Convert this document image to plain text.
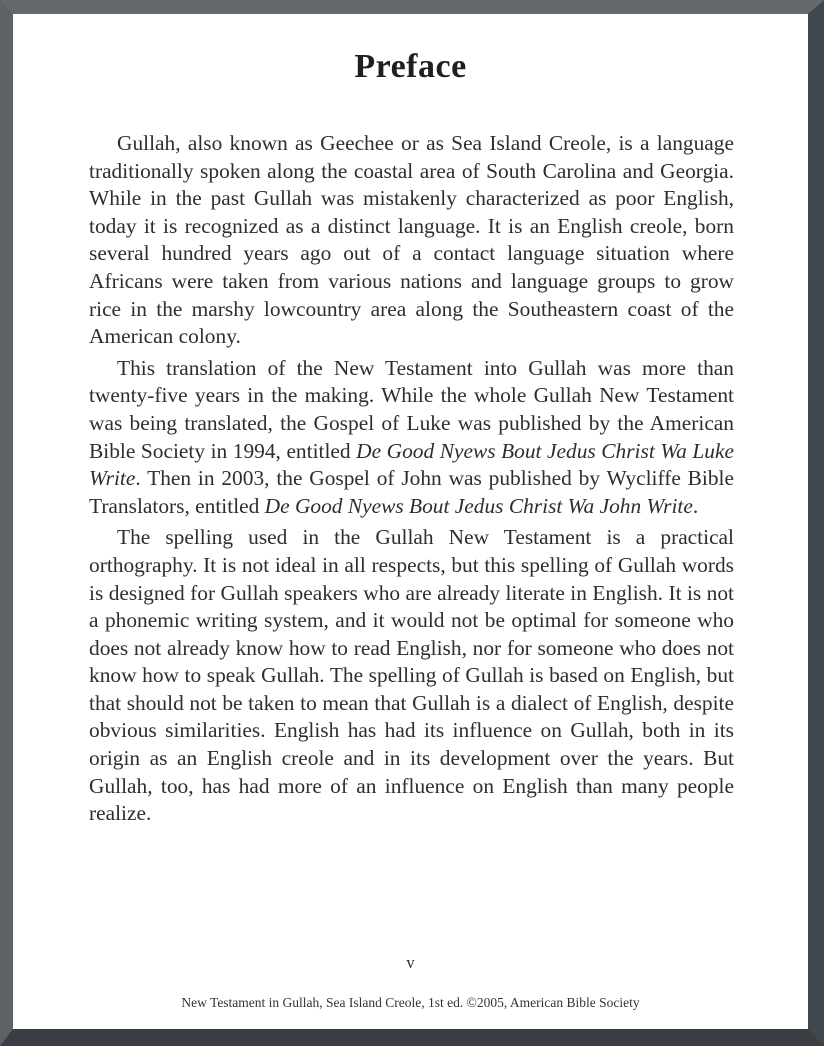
Preface

Gullah, also known as Geechee or as Sea Island Creole, is a language traditionally spoken along the coastal area of South Carolina and Georgia. While in the past Gullah was mistakenly characterized as poor English, today it is recognized as a distinct language. It is an English creole, born several hundred years ago out of a contact language situation where Africans were taken from various nations and language groups to grow rice in the marshy lowcountry area along the Southeastern coast of the American colony.

This translation of the New Testament into Gullah was more than twenty-five years in the making. While the whole Gullah New Testament was being translated, the Gospel of Luke was published by the American Bible Society in 1994, entitled De Good Nyews Bout Jedus Christ Wa Luke Write. Then in 2003, the Gospel of John was published by Wycliffe Bible Translators, entitled De Good Nyews Bout Jedus Christ Wa John Write.

The spelling used in the Gullah New Testament is a practical orthography. It is not ideal in all respects, but this spelling of Gullah words is designed for Gullah speakers who are already literate in English. It is not a phonemic writing system, and it would not be optimal for someone who does not already know how to read English, nor for someone who does not know how to speak Gullah. The spelling of Gullah is based on English, but that should not be taken to mean that Gullah is a dialect of English, despite obvious similarities. English has had its influence on Gullah, both in its origin as an English creole and in its development over the years. But Gullah, too, has had more of an influence on English than many people realize.

v
New Testament in Gullah, Sea Island Creole, 1st ed. ©2005, American Bible Society
